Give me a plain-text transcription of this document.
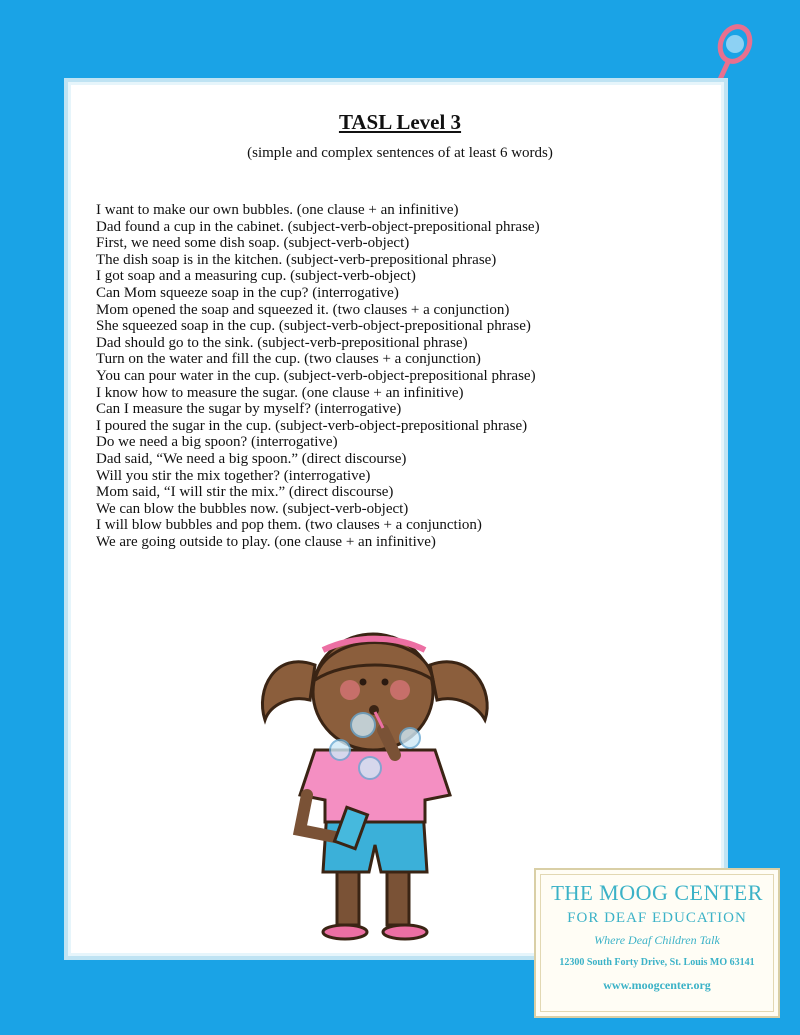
TASL Level 3
(simple and complex sentences of at least 6 words)
I want to make our own bubbles. (one clause + an infinitive)
Dad found a cup in the cabinet. (subject-verb-object-prepositional phrase)
First, we need some dish soap. (subject-verb-object)
The dish soap is in the kitchen. (subject-verb-prepositional phrase)
I got soap and a measuring cup. (subject-verb-object)
Can Mom squeeze soap in the cup? (interrogative)
Mom opened the soap and squeezed it. (two clauses + a conjunction)
She squeezed soap in the cup. (subject-verb-object-prepositional phrase)
Dad should go to the sink. (subject-verb-prepositional phrase)
Turn on the water and fill the cup. (two clauses + a conjunction)
You can pour water in the cup. (subject-verb-object-prepositional phrase)
I know how to measure the sugar. (one clause + an infinitive)
Can I measure the sugar by myself? (interrogative)
I poured the sugar in the cup. (subject-verb-object-prepositional phrase)
Do we need a big spoon? (interrogative)
Dad said, “We need a big spoon.” (direct discourse)
Will you stir the mix together? (interrogative)
Mom said, “I will stir the mix.” (direct discourse)
We can blow the bubbles now. (subject-verb-object)
I will blow bubbles and pop them. (two clauses + a conjunction)
We are going outside to play. (one clause + an infinitive)
THE MOOG CENTER
FOR DEAF EDUCATION
Where Deaf Children Talk
12300 South Forty Drive, St. Louis MO 63141
www.moogcenter.org
